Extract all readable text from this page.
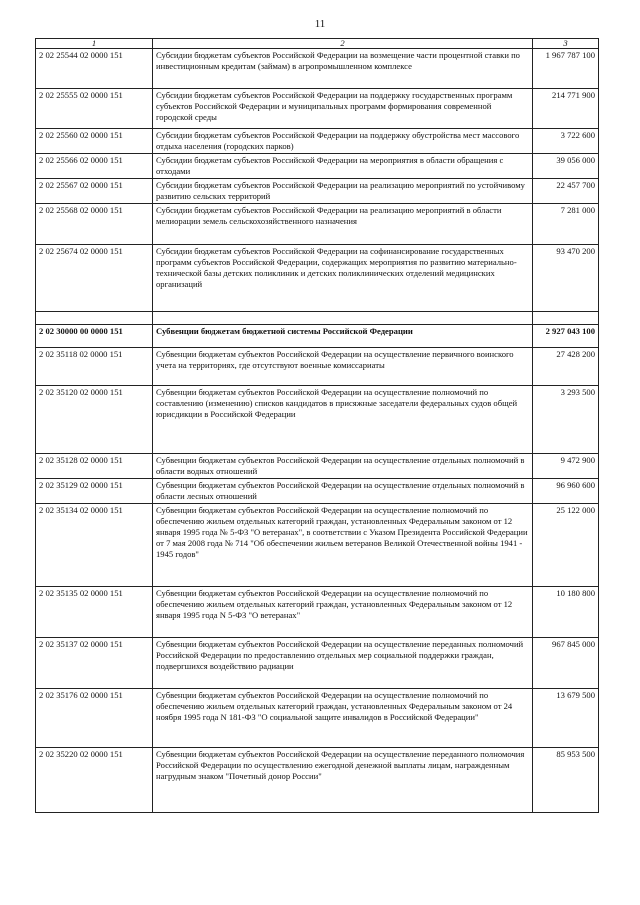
11
1	2	3
2 02 25544 02 0000 151	Субсидии бюджетам субъектов Российской Федерации на возмещение части процентной ставки по инвестиционным кредитам (займам) в агропромышленном комплексе	1 967 787 100
2 02 25555 02 0000 151	Субсидии бюджетам субъектов Российской Федерации на поддержку государственных программ субъектов Российской Федерации и муниципальных программ формирования современной городской среды	214 771 900
2 02 25560 02 0000 151	Субсидии бюджетам субъектов Российской Федерации на поддержку обустройства мест массового отдыха населения (городских парков)	3 722 600
2 02 25566 02 0000 151	Субсидии бюджетам субъектов Российской Федерации на мероприятия в области обращения с отходами	39 056 000
2 02 25567 02 0000 151	Субсидии бюджетам субъектов Российской Федерации на реализацию мероприятий по устойчивому развитию сельских территорий	22 457 700
2 02 25568 02 0000 151	Субсидии бюджетам субъектов Российской Федерации на реализацию мероприятий в области мелиорации земель сельскохозяйственного назначения	7 281 000
2 02 25674 02 0000 151	Субсидии бюджетам субъектов Российской Федерации на софинансирование государственных программ субъектов Российской Федерации, содержащих мероприятия по развитию материально-технической базы детских поликлиник и детских поликлинических отделений медицинских организаций	93 470 200

2 02 30000 00 0000 151	Субвенции бюджетам бюджетной системы Российской Федерации	2 927 043 100
2 02 35118 02 0000 151	Субвенции бюджетам субъектов Российской Федерации на осуществление первичного воинского учета на территориях, где отсутствуют военные комиссариаты	27 428 200
2 02 35120 02 0000 151	Субвенции бюджетам субъектов Российской Федерации на осуществление полномочий по составлению (изменению) списков кандидатов в присяжные заседатели федеральных судов общей юрисдикции в Российской Федерации	3 293 500
2 02 35128 02 0000 151	Субвенции бюджетам субъектов Российской Федерации на осуществление отдельных полномочий в области водных отношений	9 472 900
2 02 35129 02 0000 151	Субвенции бюджетам субъектов Российской Федерации на осуществление отдельных полномочий в области лесных отношений	96 960 600
2 02 35134 02 0000 151	Субвенции бюджетам субъектов Российской Федерации на осуществление полномочий по обеспечению жильем отдельных категорий граждан, установленных Федеральным законом от 12 января 1995 года № 5-ФЗ "О ветеранах", в соответствии с Указом Президента Российской Федерации от 7 мая 2008 года № 714 "Об обеспечении жильем ветеранов Великой Отечественной войны 1941 - 1945 годов"	25 122 000
2 02 35135 02 0000 151	Субвенции бюджетам субъектов Российской Федерации на осуществление полномочий по обеспечению жильем отдельных категорий граждан, установленных Федеральным законом от 12 января 1995 года N 5-ФЗ "О ветеранах"	10 180 800
2 02 35137 02 0000 151	Субвенции бюджетам субъектов Российской Федерации на осуществление переданных полномочий Российской Федерации по предоставлению отдельных мер социальной поддержки граждан, подвергшихся воздействию радиации	967 845 000
2 02 35176 02 0000 151	Субвенции бюджетам субъектов Российской Федерации на осуществление полномочий по обеспечению жильем отдельных категорий граждан, установленных Федеральным законом от 24 ноября 1995 года N 181-ФЗ "О социальной защите инвалидов в Российской Федерации"	13 679 500
2 02 35220 02 0000 151	Субвенции бюджетам субъектов Российской Федерации на осуществление переданного полномочия Российской Федерации по осуществлению ежегодной денежной выплаты лицам, награжденным нагрудным знаком "Почетный донор России"	85 953 500
